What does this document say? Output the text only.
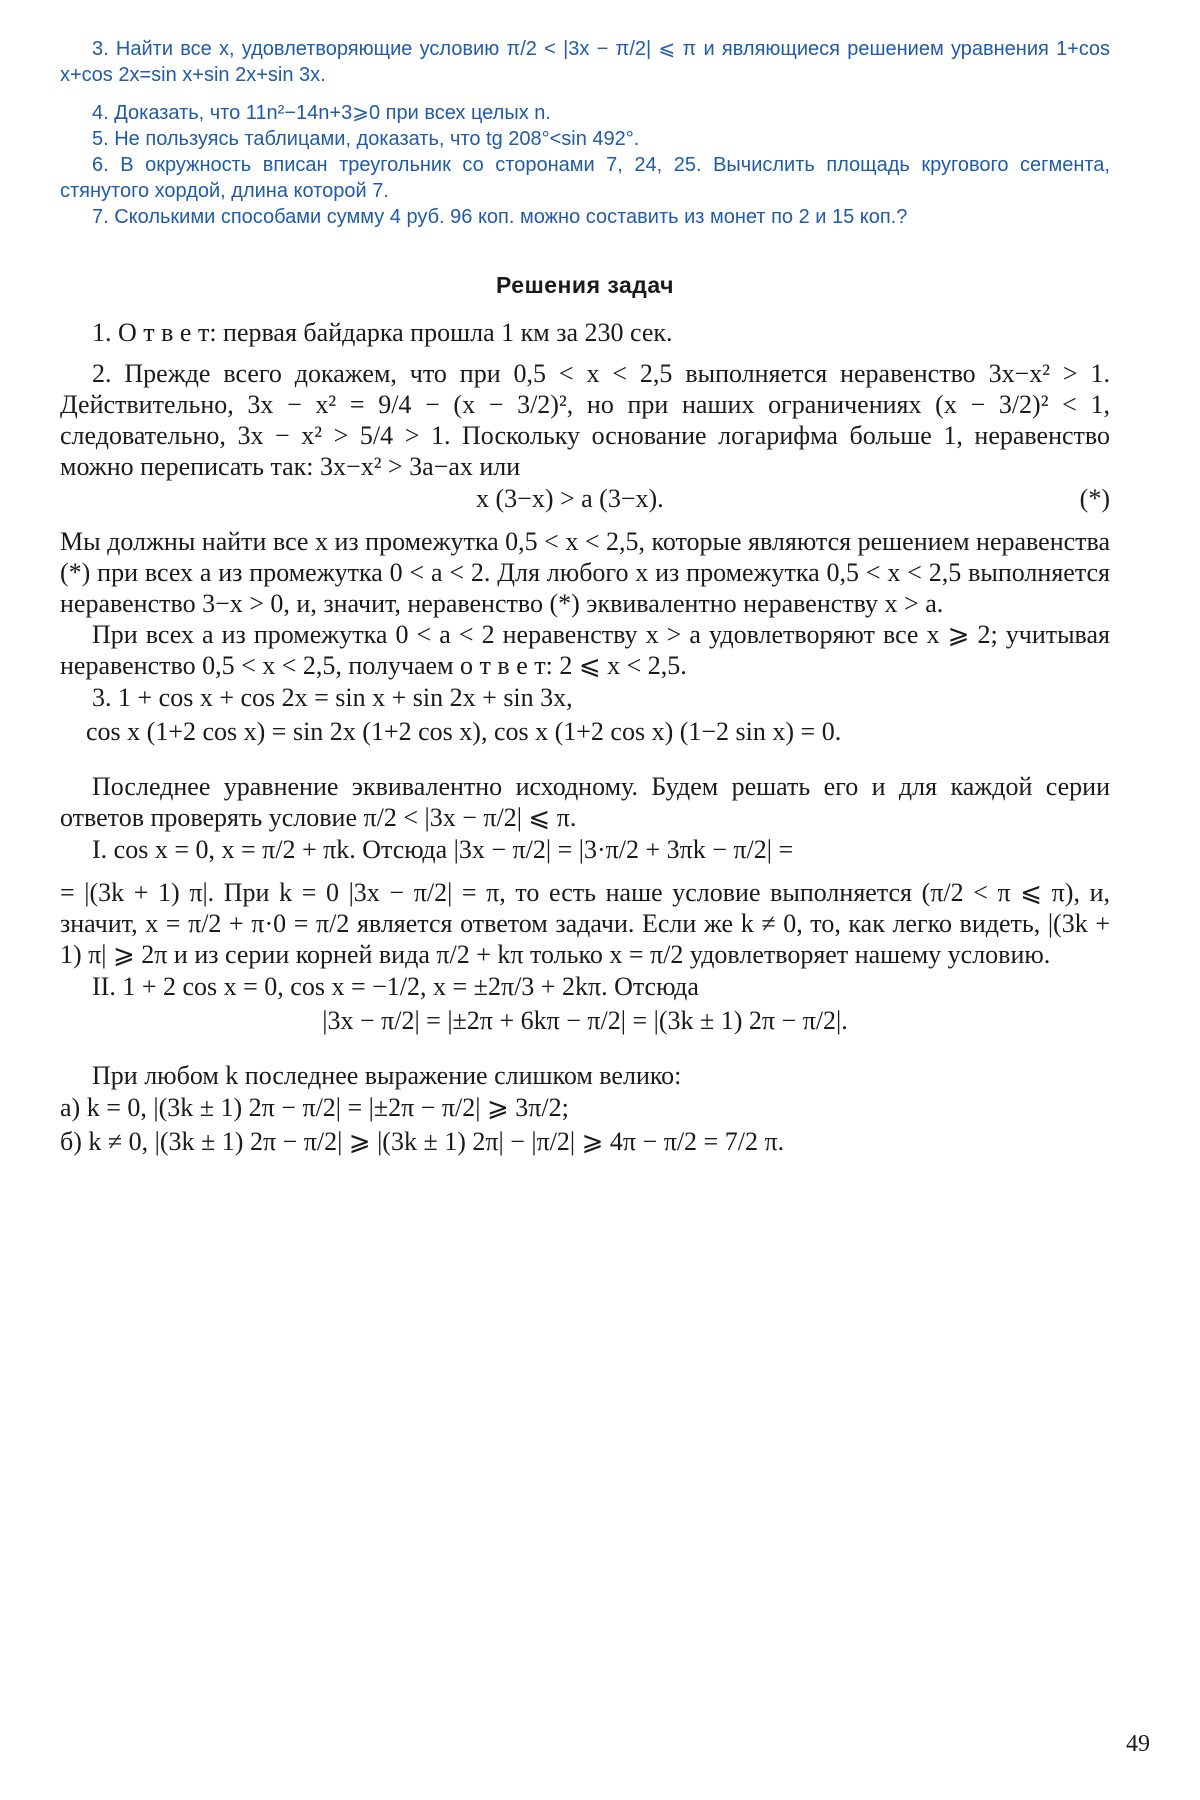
3. Найти все x, удовлетворяющие условию π/2 < |3x − π/2| ⩽ π и являющиеся решением уравнения 1+cos x+cos 2x=sin x+sin 2x+sin 3x.

4. Доказать, что 11n²−14n+3⩾0 при всех целых n.

5. Не пользуясь таблицами, доказать, что tg 208°<sin 492°.

6. В окружность вписан треугольник со сторонами 7, 24, 25. Вычислить площадь кругового сегмента, стянутого хордой, длина которой 7.

7. Сколькими способами сумму 4 руб. 96 коп. можно составить из монет по 2 и 15 коп.?

Решения задач

1. О т в е т: первая байдарка прошла 1 км за 230 сек.

2. Прежде всего докажем, что при 0,5 < x < 2,5 выполняется неравенство 3x−x² > 1. Действительно, 3x − x² = 9/4 − (x − 3/2)², но при наших ограничениях (x − 3/2)² < 1, следовательно, 3x − x² > 5/4 > 1. Поскольку основание логарифма больше 1, неравенство можно переписать так: 3x−x² > 3a−ax или

(*)
x (3−x) > a (3−x).

Мы должны найти все x из промежутка 0,5 < x < 2,5, которые являются решением неравенства (*) при всех a из промежутка 0 < a < 2. Для любого x из промежутка 0,5 < x < 2,5 выполняется неравенство 3−x > 0, и, значит, неравенство (*) эквивалентно неравенству x > a.

При всех a из промежутка 0 < a < 2 неравенству x > a удовлетворяют все x ⩾ 2; учитывая неравенство 0,5 < x < 2,5, получаем о т в е т: 2 ⩽ x < 2,5.

3. 1 + cos x + cos 2x = sin x + sin 2x + sin 3x,

cos x (1+2 cos x) = sin 2x (1+2 cos x), cos x (1+2 cos x) (1−2 sin x) = 0.

Последнее уравнение эквивалентно исходному. Будем решать его и для каждой серии ответов проверять условие π/2 < |3x − π/2| ⩽ π.

I. cos x = 0, x = π/2 + πk. Отсюда |3x − π/2| = |3·π/2 + 3πk − π/2| =

= |(3k + 1) π|. При k = 0 |3x − π/2| = π, то есть наше условие выполняется (π/2 < π ⩽ π), и, значит, x = π/2 + π·0 = π/2 является ответом задачи. Если же k ≠ 0, то, как легко видеть, |(3k + 1) π| ⩾ 2π и из серии корней вида π/2 + kπ только x = π/2 удовлетворяет нашему условию.

II. 1 + 2 cos x = 0, cos x = −1/2, x = ±2π/3 + 2kπ. Отсюда

|3x − π/2| = |±2π + 6kπ − π/2| = |(3k ± 1) 2π − π/2|.

При любом k последнее выражение слишком велико:

а) k = 0, |(3k ± 1) 2π − π/2| = |±2π − π/2| ⩾ 3π/2;

б) k ≠ 0, |(3k ± 1) 2π − π/2| ⩾ |(3k ± 1) 2π| − |π/2| ⩾ 4π − π/2 = 7/2 π.

49
